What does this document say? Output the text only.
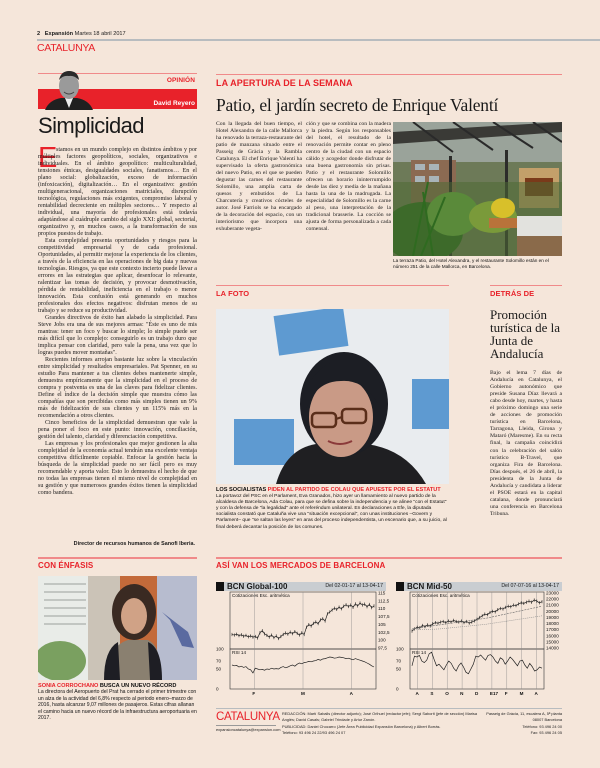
2 Expansión Martes 18 abril 2017
CATALUNYA
OPINIÓN
David Reyero
Simplicidad
E

stamos en un mundo complejo en distintos ámbitos y por múltiples factores geopolíticos, sociales, organizativos e individuales. En el ámbito geopolítico: multiculturalidad, tensiones étnicas, desigualdades sociales, fanatismos… En el plano social: globalización, exceso de información (infoxicación), digitalización… En el organizativo: gestión multigeneracional, organizaciones matriciales, disrupción tecnológica, regulaciones más exigentes, compromiso laboral y rentabilidad decreciente en múltiples sectores… Y respecto al individual, una mayoría de profesionales está todavía adaptándose al cuádruple cambio del siglo XXI: global, sectorial, organizativo y, en muchos casos, a la transformación de sus propios puestos de trabajo.

Esta complejidad presenta oportunidades y riesgos para la competitividad empresarial y de cada profesional. Oportunidades, al permitir mejorar la experiencia de los clientes, a través de la eficiencia en las operaciones de big data y nuevas tecnologías. Riesgos, ya que este contexto incierto puede llevar a errores en las estrategias que aplicar, desenfocar lo relevante, ralentizar las tomas de decisión, y provocar desmotivación, pérdida de rentabilidad, ineficiencia en el trabajo o menor innovación. Esta confusión está generando en muchos profesionales dos efectos negativos: disfrutan menos de su trabajo y se reduce su productividad.

Grandes directivos de éxito han alabado la simplicidad. Para Steve Jobs era una de sus mejores armas: "Éste es uno de mis mantras: tener un foco y buscar lo simple; lo simple puede ser más difícil que lo complejo: conseguirlo es un trabajo duro que implica pensar con claridad, pero vale la pena, una vez que lo logras puedes mover montañas".

Recientes informes arrojan bastante luz sobre la vinculación entre simplicidad y resultados empresariales. Pat Spenner, en su estudio Para mantener a tus clientes debes mantenerte simple, demuestra empíricamente que la simplicidad en el proceso de compra y postventa es una de las claves para fidelizar clientes. Define el índice de la decisión simple que muestra cómo las compañías que son percibidas como más simples tienen un 9% más de fidelización de sus clientes y un 115% más en la recomendación a otros clientes.

Cinco beneficios de la simplicidad demuestran que vale la pena poner el foco en este punto: innovación, conciliación, gestión del talento, claridad y diferenciación competitiva.

Las empresas y los profesionales que mejor gestionen la alta complejidad de la economía actual tendrán una excelente ventaja competitiva difícilmente copiable. Enfocar la gestión hacia la búsqueda de la simplicidad puede no ser fácil pero es muy recomendable y aporta valor. Esto lo demuestra el hecho de que no todas las empresas tienen el mismo nivel de complejidad en su gestión y que numerosos grandes éxitos tienen la simplicidad como bandera.

Director de recursos humanos de Sanofi Iberia.
LA APERTURA DE LA SEMANA
Patio, el jardín secreto de Enrique Valentí
Con la llegada del buen tiempo, el Hotel Alexandra de la calle Mallorca ha renovado la terraza-restaurante del patio de manzana situado entre el Passeig de Gràcia y la Rambla Catalunya. El chef Enrique Valentí ha supervisado la oferta gastronómica del nuevo Patio, en el que se pueden degustar las carnes del restaurante Solomillo, una amplia carta de quesos y embutidos de La Charcutería y creativos cócteles de autor. José Farriols se ha encargado de la decoración del espacio, con un interiorismo que incorpora una exhuberante vegeta-
ción y que se combina con la madera y la piedra. Según los responsables del hotel, el resultado de la renovación permite contar en pleno centro de la ciudad con un espacio cálido y acogedor donde disfrutar de una buena gastronomía sin prisas. Patio y el restaurante Solomillo ofrecen un horario ininterrumpido desde las diez y media de la mañana hasta la una de la madrugada. La especialidad de Solomillo es la carne al peso, una interpretación de la tradicional brasserie. La cocción se ajusta de forma personalizada a cada comensal.
La terraza Patio, del Hotel Alexandra, y el restaurante Solomillo están en el número 251 de la calle Mallorca, en Barcelona.
LA FOTO
LOS SOCIALISTAS PIDEN AL PARTIDO DE COLAU QUE APUESTE POR EL ESTATUT
La portavoz del PSC en el Parlament, Eva Granados, hizo ayer un llamamiento al nuevo partido de la alcaldesa de Barcelona, Ada Colau, para que se defina sobre la independencia y se alinee "con el Estatut" y con la defensa de "la legalidad" ante el referéndum unilateral. En declaraciones a Efe, la diputada socialista constató que Cataluña vive una "situación excepcional", con unas instituciones –Govern y Parlament– que "se saltan las leyes" en aras del proceso independentista, un escenario que, a su juicio, al final deberá decantar la posición de los comunes.
DETRÁS DE
Promoción turística de la Junta de Andalucía
Bajo el lema 7 días de Andalucía en Catalunya, el Gobierno autonómico que preside Susana Díaz llevará a cabo desde hoy, martes, y hasta el próximo domingo una serie de acciones de promoción turística en Barcelona, Tarragona, Lleida, Girona y Mataró (Maresme). En su recta final, la campaña coincidirá con la celebración del salón turístico B-Travel, que organiza Fira de Barcelona. Días después, el 26 de abril, la presidenta de la Junta de Andalucía y candidata a liderar el PSOE estará en la capital catalana, donde pronunciará una conferencia en Barcelona Tribuna.
CON ÉNFASIS
SONIA CORROCHANO BUSCA UN NUEVO RÉCORD
La directora del Aeropuerto del Prat ha cerrado el primer trimestre con un alza de la actividad del 6,8% respecto al periodo enero–marzo de 2016, hasta alcanzar 9,07 millones de pasajeros. Estas cifras allanan el camino hacia un nuevo récord de la infraestructura aeroportuaria en 2017.
ASÍ VAN LOS MERCADOS DE BARCELONA
BCN Global-100	Del 02-01-17 al 13-04-17
Cotizaciones Esc. aritmética
F	M	A
115
112,5
110
107,5
105
102,5
100
97,5
RSI 14
100
70
50
0
BCN Mid-50	Del 07-07-16 al 13-04-17
Cotizaciones Esc. aritmética
A	S	O N	D	E17 F	M A
23000
22000
21000
20000
19000
18000
17000
16000
15000
14000
RSI 14
100
70
50
0
CATALUNYA
expansioncatalunya@expansion.com
REDACCIÓN: Martí Saballs (director adjunto); José Orihuel (redactor jefe); Sergi Saborit (jefe de sección) Marisa Anglés; David Casals; Gabriel Trindade y Artur Zanón.
PUBLICIDAD: Daniel Chocarro (Jefe Área Publicidad Expansión Barcelona) y Albert Borrás.
Teléfono: 93 496 24 22/93 496 24 07
Passeig de Gràcia, 11, escalera A, 5ª planta
08007 Barcelona
Teléfono: 93 496 24 00
Fax: 93 496 24 05
